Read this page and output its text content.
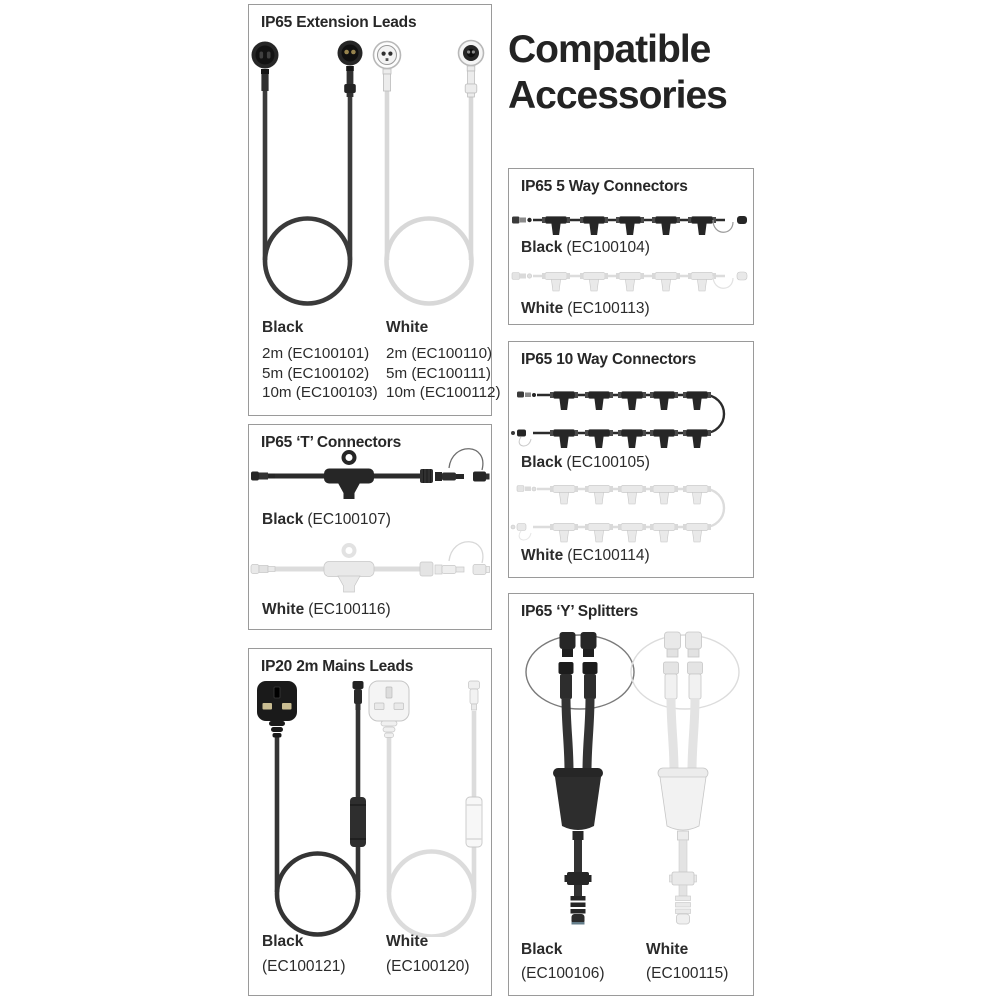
Compatible
Accessories
IP65 Extension Leads
Black
2m (EC100101)
5m (EC100102)
10m (EC100103)
White
2m (EC100110)
5m (EC100111)
10m (EC100112)
IP65 ‘T’ Connectors
Black (EC100107)
White (EC100116)
IP20 2m Mains Leads
Black
(EC100121)
White
(EC100120)
IP65 5 Way Connectors
Black (EC100104)
White (EC100113)
IP65 10 Way Connectors
Black (EC100105)
White (EC100114)
IP65 ‘Y’ Splitters
Black
(EC100106)
White
(EC100115)
